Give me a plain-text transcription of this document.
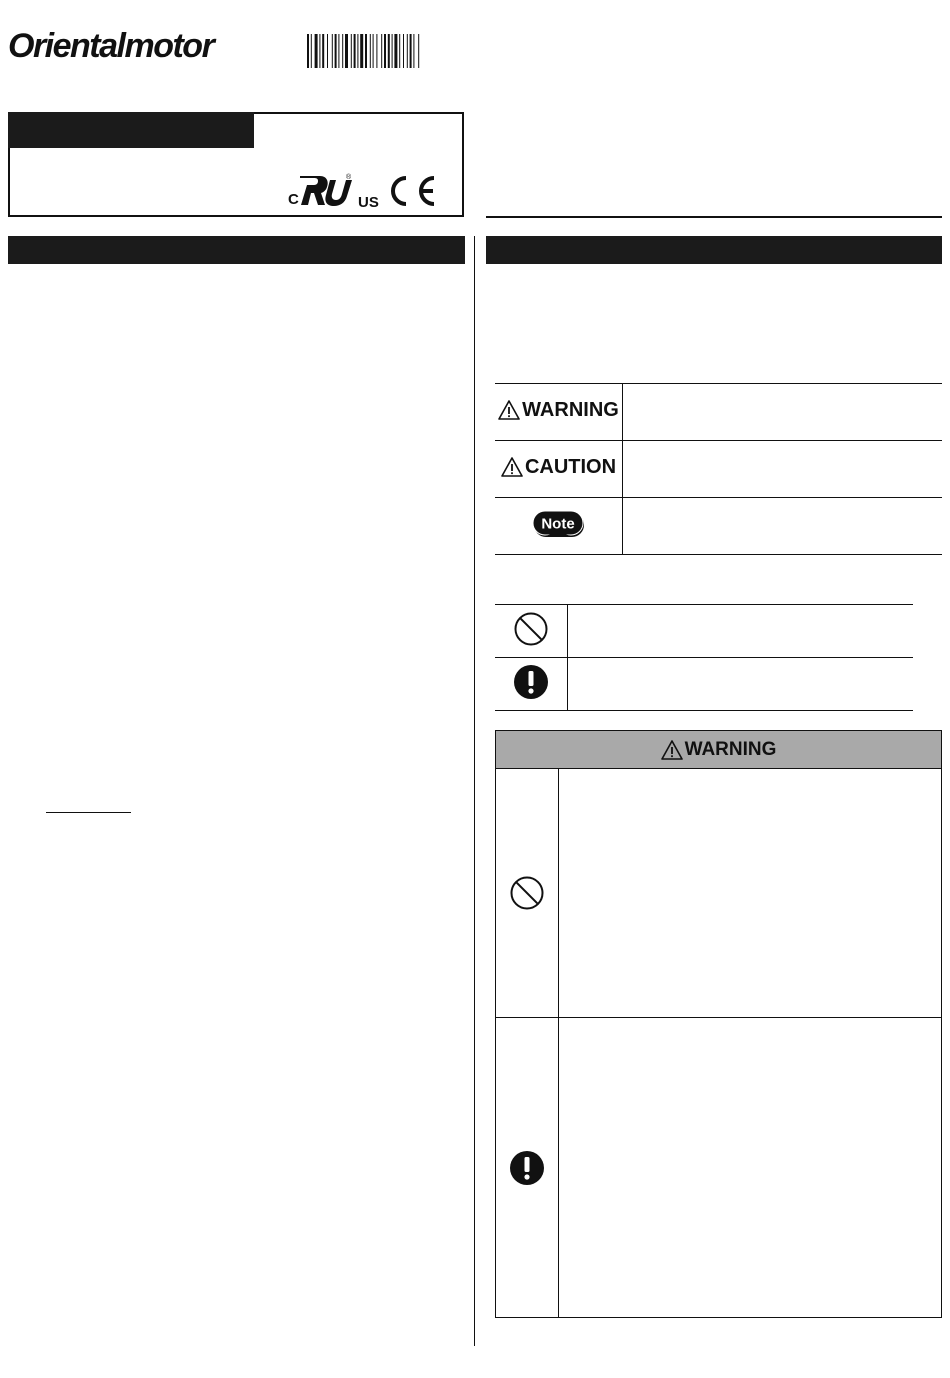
Orientalmotor
C
®
US
WARNING	

CAUTION	

Note	

WARNING
